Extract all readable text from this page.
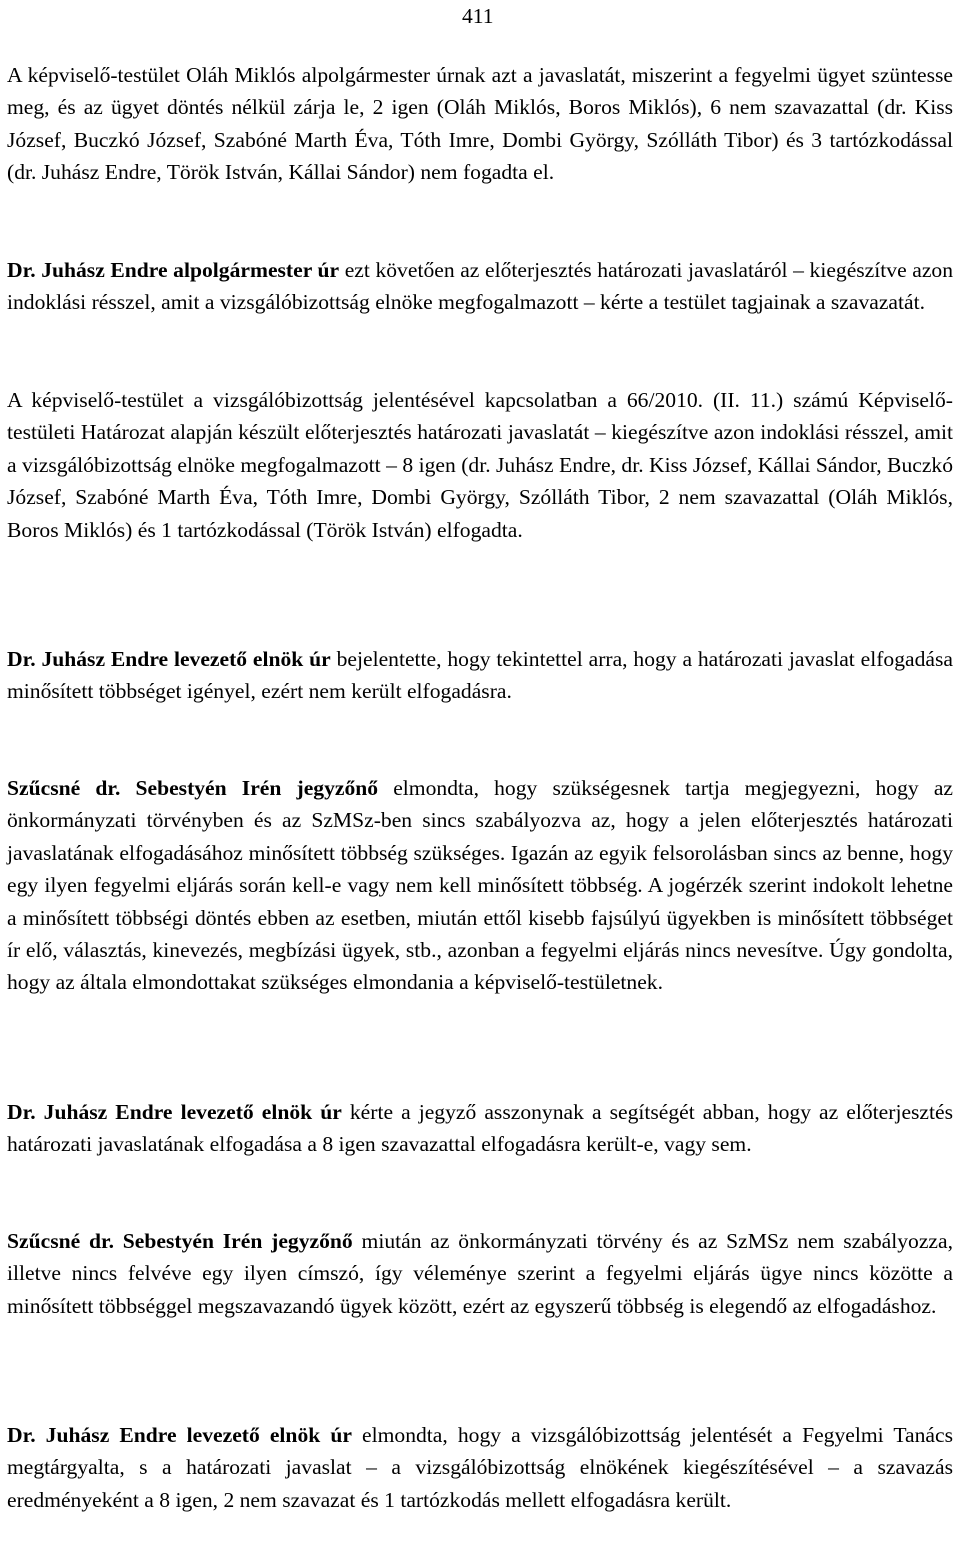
411

A képviselő-testület Oláh Miklós alpolgármester úrnak azt a javaslatát, miszerint a fegyelmi ügyet szüntesse meg, és az ügyet döntés nélkül zárja le, 2 igen (Oláh Miklós, Boros Miklós), 6 nem szavazattal (dr. Kiss József, Buczkó József, Szabóné Marth Éva, Tóth Imre, Dombi György, Szólláth Tibor) és 3 tartózkodással (dr. Juhász Endre, Török István, Kállai Sándor) nem fogadta el.

Dr. Juhász Endre alpolgármester úr ezt követően az előterjesztés határozati javaslatáról – kiegészítve azon indoklási résszel, amit a vizsgálóbizottság elnöke megfogalmazott – kérte a testület tagjainak a szavazatát.

A képviselő-testület a vizsgálóbizottság jelentésével kapcsolatban a 66/2010. (II. 11.) számú Képviselő-testületi Határozat alapján készült előterjesztés határozati javaslatát – kiegészítve azon indoklási résszel, amit a vizsgálóbizottság elnöke megfogalmazott – 8 igen (dr. Juhász Endre, dr. Kiss József, Kállai Sándor, Buczkó József, Szabóné Marth Éva, Tóth Imre, Dombi György, Szólláth Tibor, 2 nem szavazattal (Oláh Miklós, Boros Miklós) és 1 tartózkodással (Török István) elfogadta.

Dr. Juhász Endre levezető elnök úr bejelentette, hogy tekintettel arra, hogy a határozati javaslat elfogadása minősített többséget igényel, ezért nem került elfogadásra.

Szűcsné dr. Sebestyén Irén jegyzőnő elmondta, hogy szükségesnek tartja megjegyezni, hogy az önkormányzati törvényben és az SzMSz-ben sincs szabályozva az, hogy a jelen előterjesztés határozati javaslatának elfogadásához minősített többség szükséges. Igazán az egyik felsorolásban sincs az benne, hogy egy ilyen fegyelmi eljárás során kell-e vagy nem kell minősített többség. A jogérzék szerint indokolt lehetne a minősített többségi döntés ebben az esetben, miután ettől kisebb fajsúlyú ügyekben is minősített többséget ír elő, választás, kinevezés, megbízási ügyek, stb., azonban a fegyelmi eljárás nincs nevesítve. Úgy gondolta, hogy az általa elmondottakat szükséges elmondania a képviselő-testületnek.

Dr. Juhász Endre levezető elnök úr kérte a jegyző asszonynak a segítségét abban, hogy az előterjesztés határozati javaslatának elfogadása a 8 igen szavazattal elfogadásra került-e, vagy sem.

Szűcsné dr. Sebestyén Irén jegyzőnő miután az önkormányzati törvény és az SzMSz nem szabályozza, illetve nincs felvéve egy ilyen címszó, így véleménye szerint a fegyelmi eljárás ügye nincs közötte a minősített többséggel megszavazandó ügyek között, ezért az egyszerű többség is elegendő az elfogadáshoz.

Dr. Juhász Endre levezető elnök úr elmondta, hogy a vizsgálóbizottság jelentését a Fegyelmi Tanács megtárgyalta, s a határozati javaslat – a vizsgálóbizottság elnökének kiegészítésével – a szavazás eredményeként a 8 igen, 2 nem szavazat és 1 tartózkodás mellett elfogadásra került.
